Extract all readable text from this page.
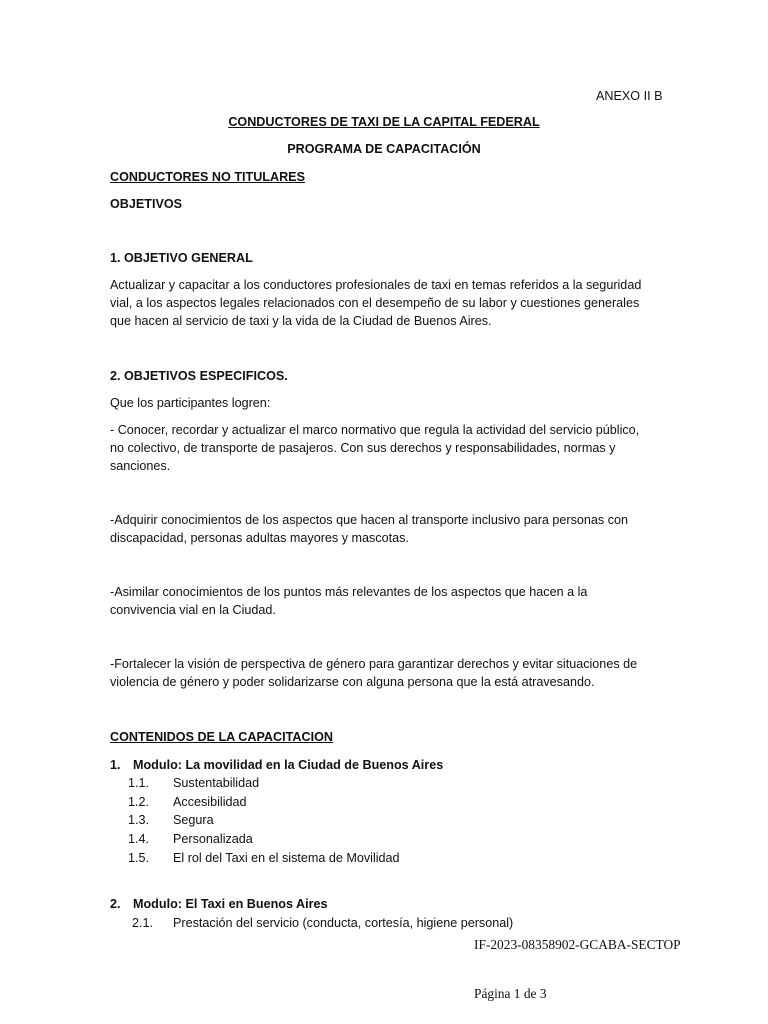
ANEXO II B
CONDUCTORES DE TAXI DE LA CAPITAL FEDERAL
PROGRAMA DE CAPACITACIÓN
CONDUCTORES NO TITULARES
OBJETIVOS
1. OBJETIVO GENERAL
Actualizar y capacitar a los conductores profesionales de taxi en temas referidos a la seguridad
vial, a los aspectos legales relacionados con el desempeño de su labor y cuestiones generales
que hacen al servicio de taxi y la vida de la Ciudad de Buenos Aires.
2. OBJETIVOS ESPECIFICOS.
Que los participantes logren:
- Conocer, recordar y actualizar el marco normativo que regula la actividad del servicio público,
no colectivo, de transporte de pasajeros. Con sus derechos y responsabilidades, normas y
sanciones.
-Adquirir conocimientos de los aspectos que hacen al transporte inclusivo para personas con
discapacidad, personas adultas mayores y mascotas.
-Asimilar conocimientos de los puntos más relevantes de los aspectos que hacen a la
convivencia vial en la Ciudad.
-Fortalecer la visión de perspectiva de género para garantizar derechos y evitar situaciones de
violencia de género y poder solidarizarse con alguna persona que la está atravesando.
CONTENIDOS DE LA CAPACITACION
1. Modulo: La movilidad en la Ciudad de Buenos Aires
1.1. Sustentabilidad
1.2. Accesibilidad
1.3. Segura
1.4. Personalizada
1.5. El rol del Taxi en el sistema de Movilidad
2. Modulo: El Taxi en Buenos Aires
2.1. Prestación del servicio (conducta, cortesía, higiene personal)
IF-2023-08358902-GCABA-SECTOP
Página 1 de 3
